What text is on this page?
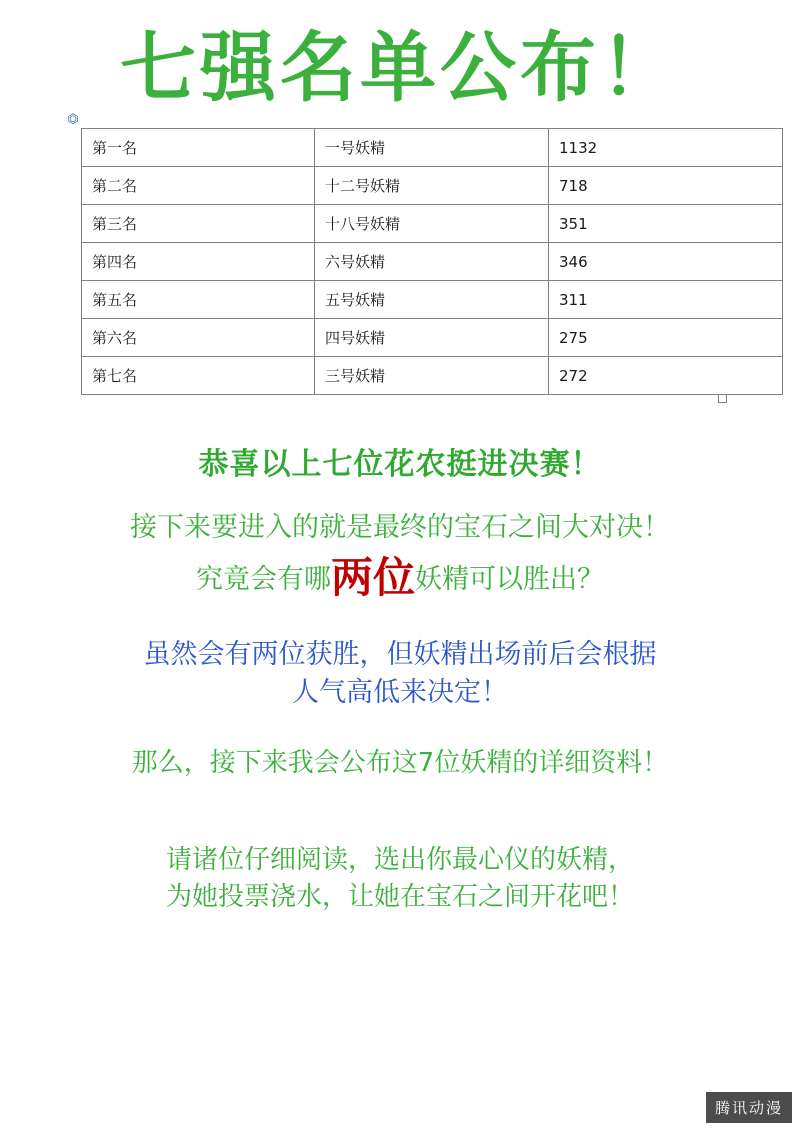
七强名单公布！
⏣
第一名	一号妖精	1132
第二名	十二号妖精	718
第三名	十八号妖精	351
第四名	六号妖精	346
第五名	五号妖精	311
第六名	四号妖精	275
第七名	三号妖精	272
恭喜以上七位花农挺进决赛！
接下来要进入的就是最终的宝石之间大对决！
究竟会有哪两位妖精可以胜出？
虽然会有两位获胜，但妖精出场前后会根据
人气高低来决定！
那么，接下来我会公布这7位妖精的详细资料！
请诸位仔细阅读，选出你最心仪的妖精，
为她投票浇水，让她在宝石之间开花吧！
腾讯动漫
